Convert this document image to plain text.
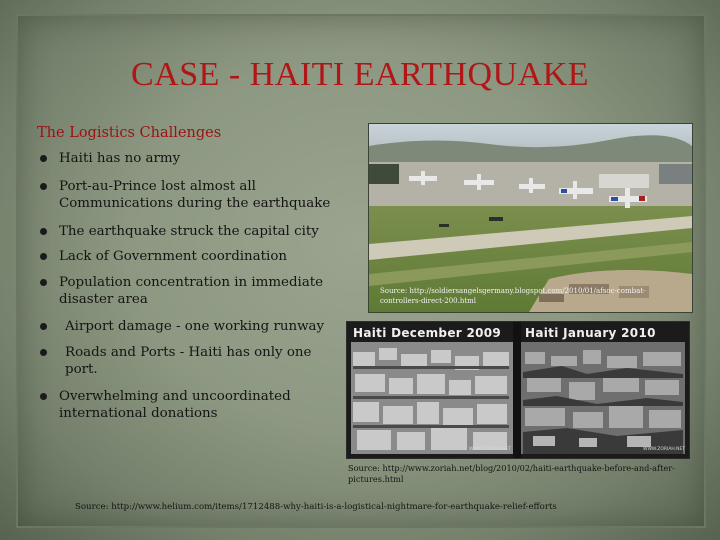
CASE - HAITI EARTHQUAKE
The Logistics Challenges
Haiti has no army
Port-au-Prince lost almost all Communications during the earthquake
The earthquake struck the capital city
Lack of Government coordination
Population concentration in immediate disaster area
Airport damage - one working runway
Roads and Ports - Haiti has only one port.
Overwhelming and uncoordinated international donations
Source: http://soldiersangelsgermany.blogspot.com/2010/01/afsoc-combat-controllers-direct-200.html
Haiti December 2009
WWW.ZORIAH.NET
Haiti January 2010
WWW.ZORIAH.NET
Source: http://www.zoriah.net/blog/2010/02/haiti-earthquake-before-and-after-pictures.html
Source: http://www.helium.com/items/1712488-why-haiti-is-a-logistical-nightmare-for-earthquake-relief-efforts
